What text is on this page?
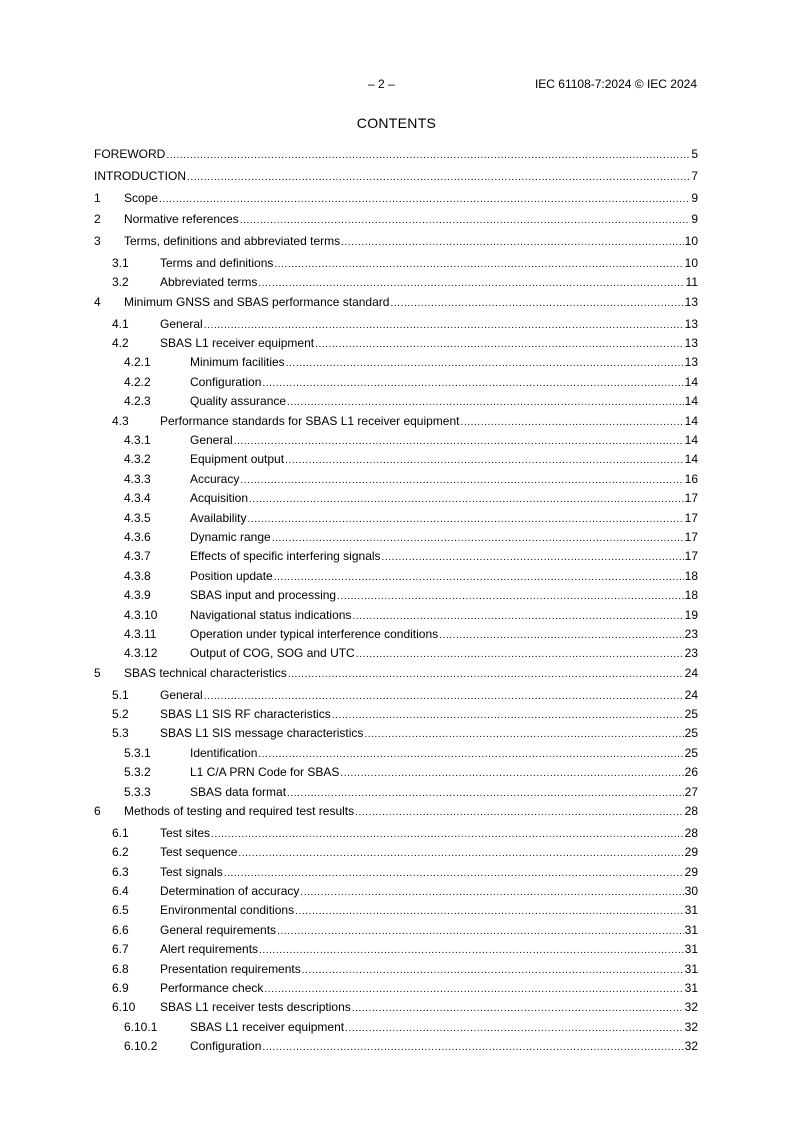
– 2 –	IEC 61108-7:2024 © IEC 2024
CONTENTS
FOREWORD .....	5
INTRODUCTION .....	7
1	Scope .....	9
2	Normative references .....	9
3	Terms, definitions and abbreviated terms .....	10
3.1	Terms and definitions .....	10
3.2	Abbreviated terms .....	11
4	Minimum GNSS and SBAS performance standard .....	13
4.1	General .....	13
4.2	SBAS L1 receiver equipment .....	13
4.2.1	Minimum facilities .....	13
4.2.2	Configuration .....	14
4.2.3	Quality assurance .....	14
4.3	Performance standards for SBAS L1 receiver equipment .....	14
4.3.1	General .....	14
4.3.2	Equipment output .....	14
4.3.3	Accuracy .....	16
4.3.4	Acquisition .....	17
4.3.5	Availability .....	17
4.3.6	Dynamic range .....	17
4.3.7	Effects of specific interfering signals .....	17
4.3.8	Position update .....	18
4.3.9	SBAS input and processing .....	18
4.3.10	Navigational status indications .....	19
4.3.11	Operation under typical interference conditions .....	23
4.3.12	Output of COG, SOG and UTC .....	23
5	SBAS technical characteristics .....	24
5.1	General .....	24
5.2	SBAS L1 SIS RF characteristics .....	25
5.3	SBAS L1 SIS message characteristics .....	25
5.3.1	Identification .....	25
5.3.2	L1 C/A PRN Code for SBAS .....	26
5.3.3	SBAS data format .....	27
6	Methods of testing and required test results .....	28
6.1	Test sites .....	28
6.2	Test sequence .....	29
6.3	Test signals .....	29
6.4	Determination of accuracy .....	30
6.5	Environmental conditions .....	31
6.6	General requirements .....	31
6.7	Alert requirements .....	31
6.8	Presentation requirements .....	31
6.9	Performance check .....	31
6.10	SBAS L1 receiver tests descriptions .....	32
6.10.1	SBAS L1 receiver equipment .....	32
6.10.2	Configuration .....	32
